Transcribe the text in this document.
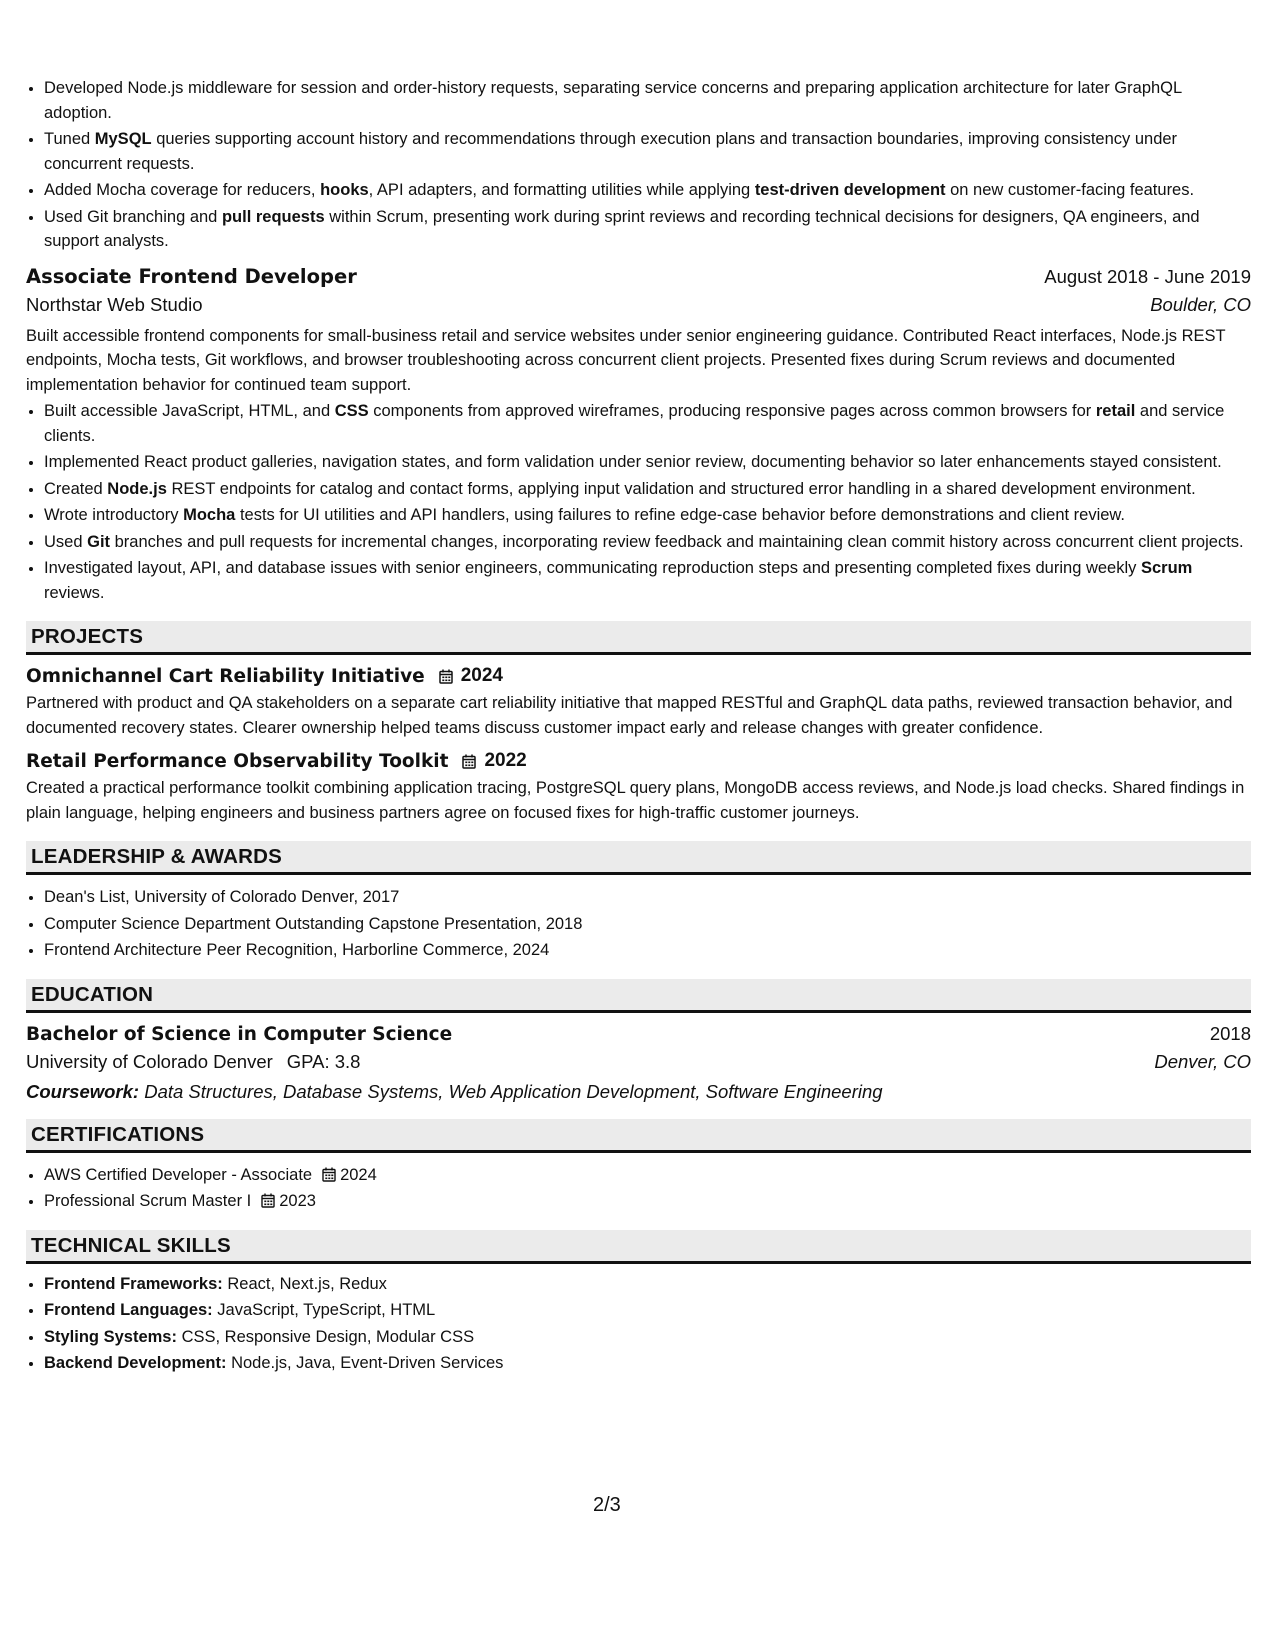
• Developed Node.js middleware for session and order-history requests, separating service concerns and preparing application architecture for later GraphQL adoption.
• Tuned MySQL queries supporting account history and recommendations through execution plans and transaction boundaries, improving consistency under concurrent requests.
• Added Mocha coverage for reducers, hooks, API adapters, and formatting utilities while applying test-driven development on new customer-facing features.
• Used Git branching and pull requests within Scrum, presenting work during sprint reviews and recording technical decisions for designers, QA engineers, and support analysts.
Associate Frontend Developer	August 2018 - June 2019
Northstar Web Studio	Boulder, CO
Built accessible frontend components for small-business retail and service websites under senior engineering guidance. Contributed React interfaces, Node.js REST endpoints, Mocha tests, Git workflows, and browser troubleshooting across concurrent client projects. Presented fixes during Scrum reviews and documented implementation behavior for continued team support.
• Built accessible JavaScript, HTML, and CSS components from approved wireframes, producing responsive pages across common browsers for retail and service clients.
• Implemented React product galleries, navigation states, and form validation under senior review, documenting behavior so later enhancements stayed consistent.
• Created Node.js REST endpoints for catalog and contact forms, applying input validation and structured error handling in a shared development environment.
• Wrote introductory Mocha tests for UI utilities and API handlers, using failures to refine edge-case behavior before demonstrations and client review.
• Used Git branches and pull requests for incremental changes, incorporating review feedback and maintaining clean commit history across concurrent client projects.
• Investigated layout, API, and database issues with senior engineers, communicating reproduction steps and presenting completed fixes during weekly Scrum reviews.
PROJECTS
Omnichannel Cart Reliability Initiative 2024
Partnered with product and QA stakeholders on a separate cart reliability initiative that mapped RESTful and GraphQL data paths, reviewed transaction behavior, and documented recovery states. Clearer ownership helped teams discuss customer impact early and release changes with greater confidence.
Retail Performance Observability Toolkit 2022
Created a practical performance toolkit combining application tracing, PostgreSQL query plans, MongoDB access reviews, and Node.js load checks. Shared findings in plain language, helping engineers and business partners agree on focused fixes for high-traffic customer journeys.
LEADERSHIP & AWARDS
• Dean's List, University of Colorado Denver, 2017
• Computer Science Department Outstanding Capstone Presentation, 2018
• Frontend Architecture Peer Recognition, Harborline Commerce, 2024
EDUCATION
Bachelor of Science in Computer Science	2018
University of Colorado Denver GPA: 3.8	Denver, CO
Coursework: Data Structures, Database Systems, Web Application Development, Software Engineering
CERTIFICATIONS
• AWS Certified Developer - Associate 2024
• Professional Scrum Master I 2023
TECHNICAL SKILLS
• Frontend Frameworks: React, Next.js, Redux
• Frontend Languages: JavaScript, TypeScript, HTML
• Styling Systems: CSS, Responsive Design, Modular CSS
• Backend Development: Node.js, Java, Event-Driven Services
2/3
